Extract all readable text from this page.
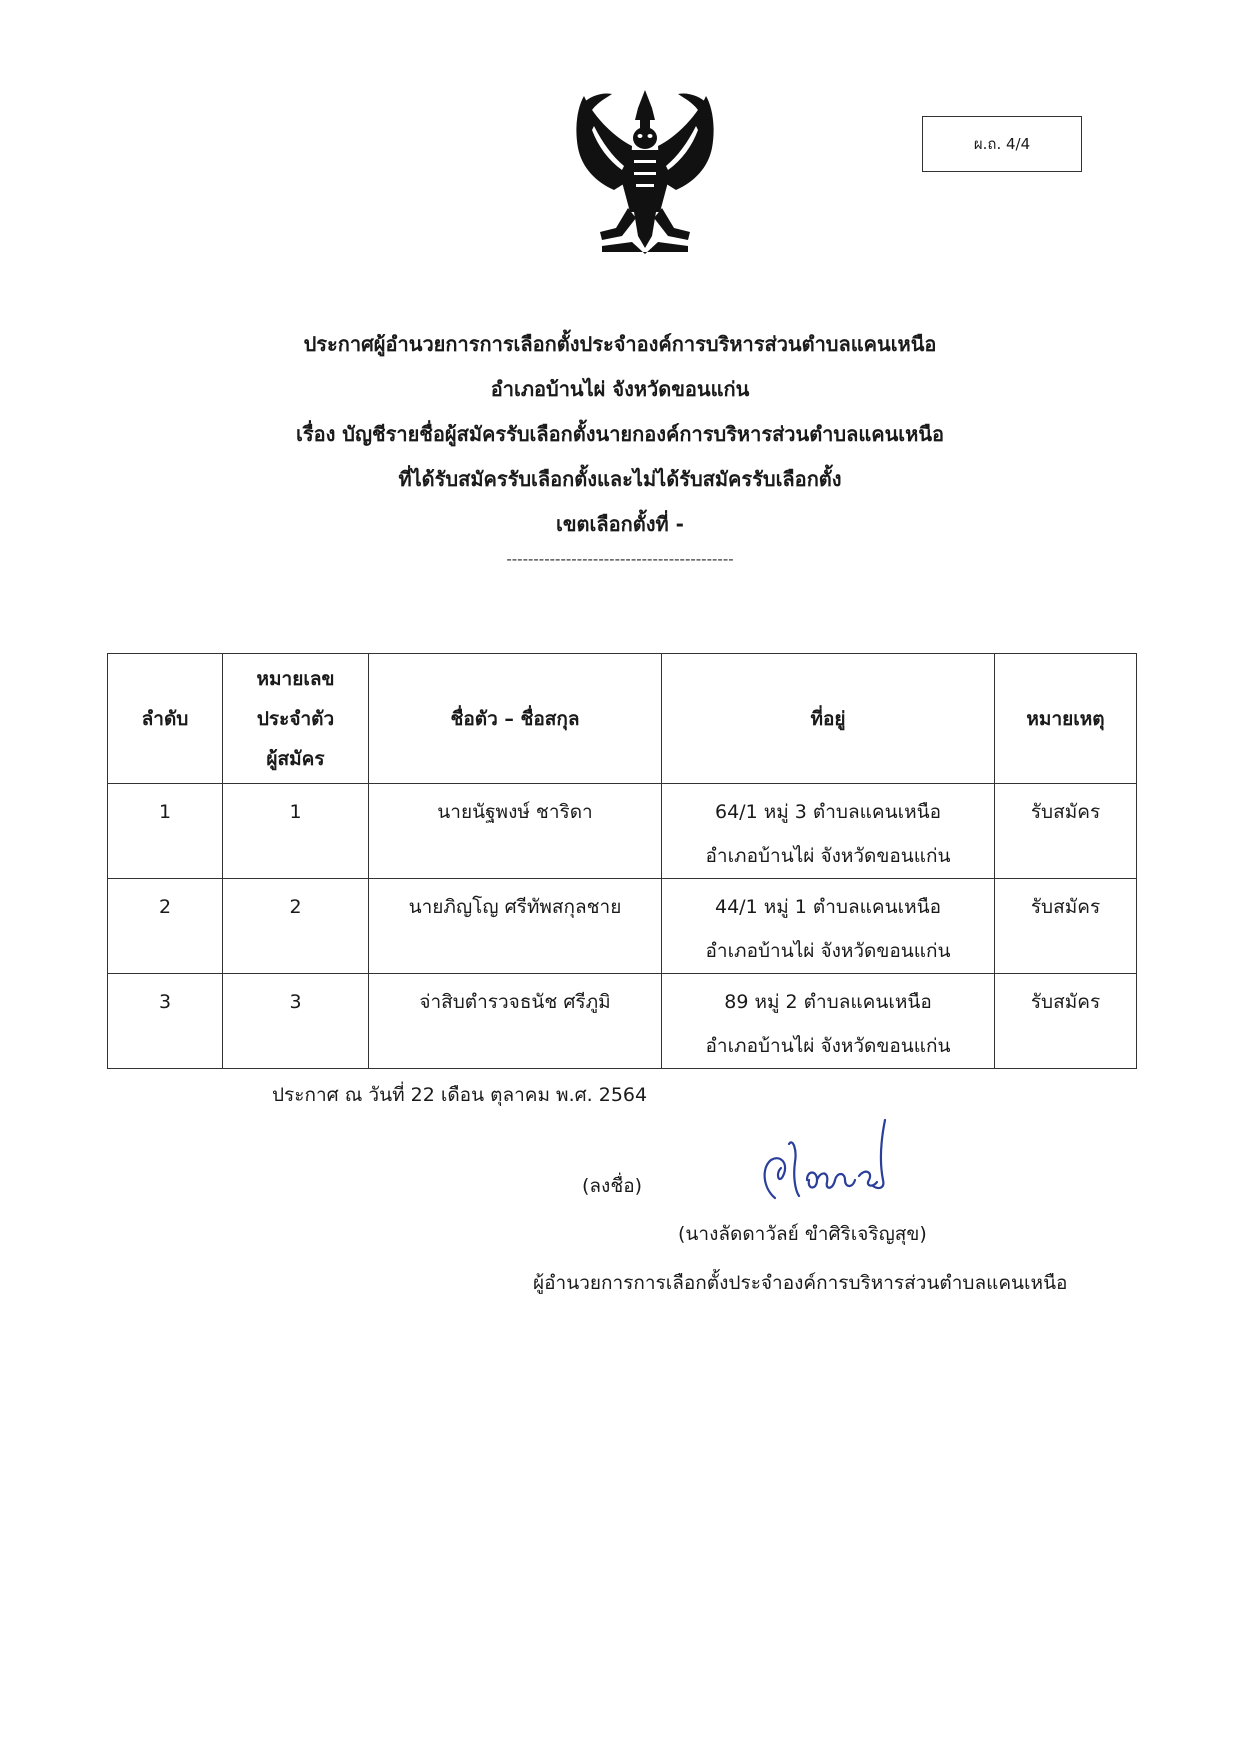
ผ.ถ. 4/4
ประกาศผู้อำนวยการการเลือกตั้งประจำองค์การบริหารส่วนตำบลแคนเหนือ
อำเภอบ้านไผ่ จังหวัดขอนแก่น
เรื่อง บัญชีรายชื่อผู้สมัครรับเลือกตั้งนายกองค์การบริหารส่วนตำบลแคนเหนือ
ที่ได้รับสมัครรับเลือกตั้งและไม่ได้รับสมัครรับเลือกตั้ง
เขตเลือกตั้งที่ -
------------------------------------------
ลำดับ	หมายเลข
ประจำตัว
ผู้สมัคร	ชื่อตัว – ชื่อสกุล	ที่อยู่	หมายเหตุ
1	1	นายนัฐพงษ์ ชาริดา	64/1 หมู่ 3 ตำบลแคนเหนือ
อำเภอบ้านไผ่ จังหวัดขอนแก่น	รับสมัคร
2	2	นายภิญโญ ศรีทัพสกุลชาย	44/1 หมู่ 1 ตำบลแคนเหนือ
อำเภอบ้านไผ่ จังหวัดขอนแก่น	รับสมัคร
3	3	จ่าสิบตำรวจธนัช ศรีภูมิ	89 หมู่ 2 ตำบลแคนเหนือ
อำเภอบ้านไผ่ จังหวัดขอนแก่น	รับสมัคร
ประกาศ ณ วันที่ 22 เดือน ตุลาคม พ.ศ. 2564
(ลงชื่อ)
(นางลัดดาวัลย์ ขำศิริเจริญสุข)
ผู้อำนวยการการเลือกตั้งประจำองค์การบริหารส่วนตำบลแคนเหนือ
